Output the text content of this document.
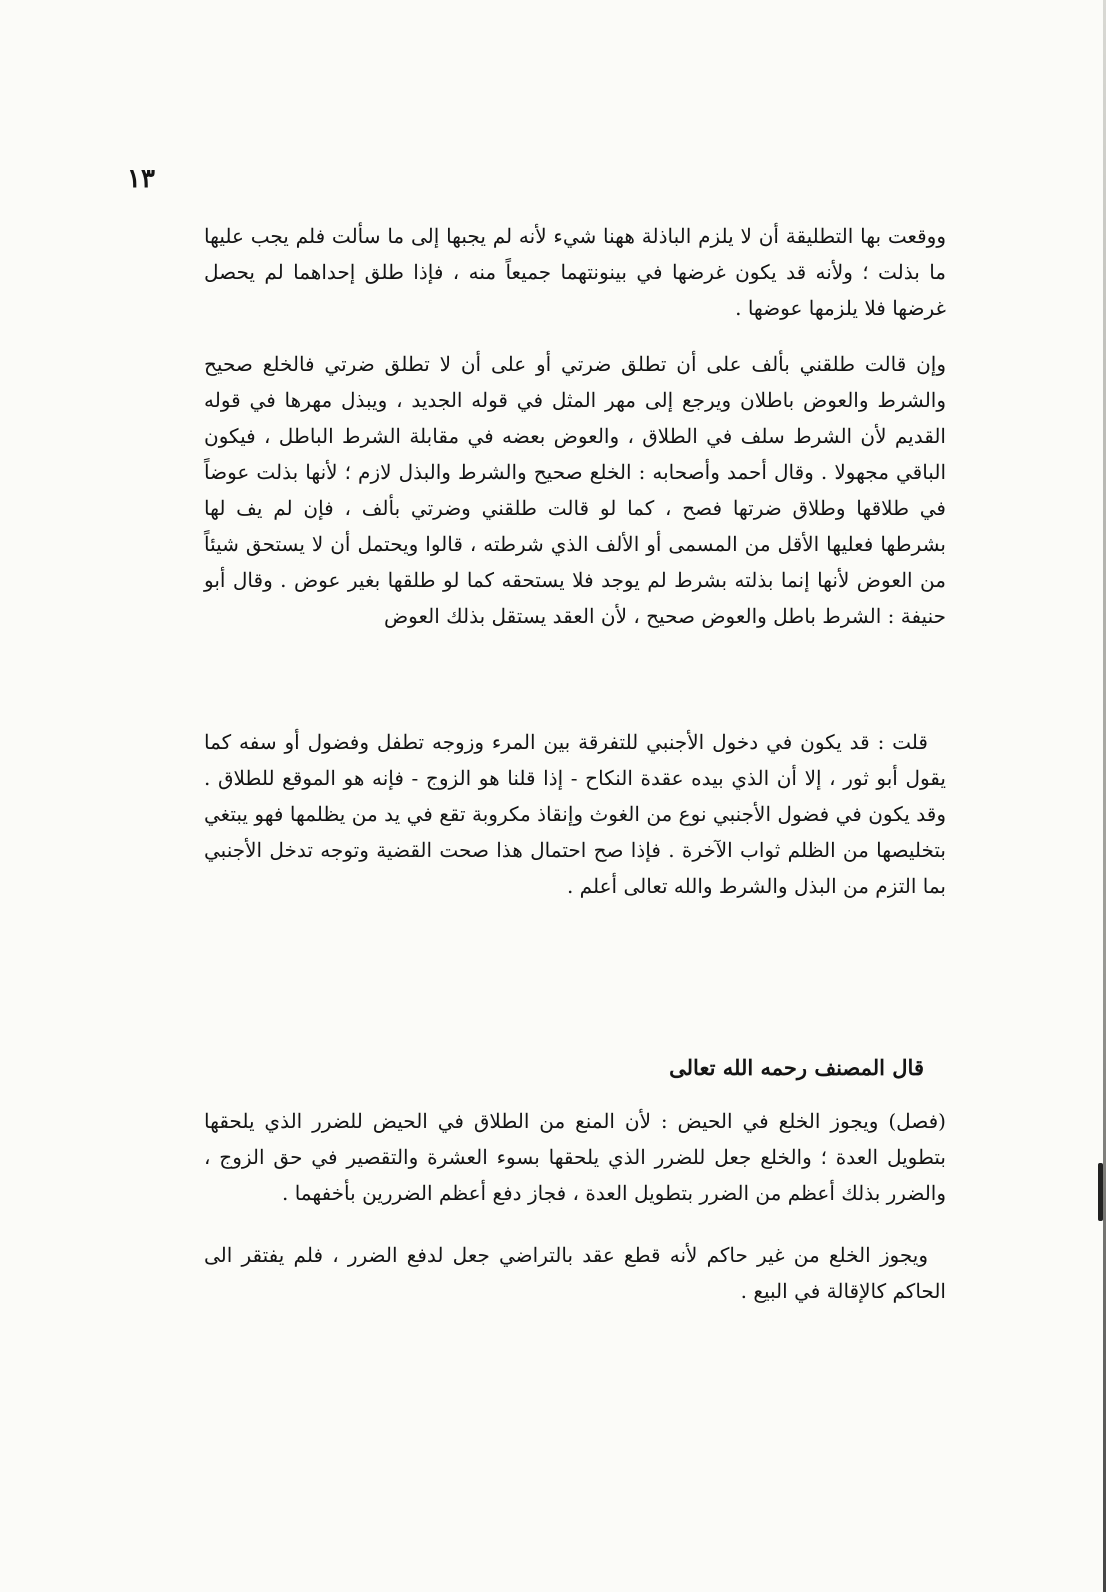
١٣

ووقعت بها التطليقة أن لا يلزم الباذلة ههنا شيء لأنه لم يجبها إلى ما سألت فلم يجب عليها ما بذلت ؛ ولأنه قد يكون غرضها في بينونتهما جميعاً منه ، فإذا طلق إحداهما لم يحصل غرضها فلا يلزمها عوضها .

وإن قالت طلقني بألف على أن تطلق ضرتي أو على أن لا تطلق ضرتي فالخلع صحيح والشرط والعوض باطلان ويرجع إلى مهر المثل في قوله الجديد ، ويبذل مهرها في قوله القديم لأن الشرط سلف في الطلاق ، والعوض بعضه في مقابلة الشرط الباطل ، فيكون الباقي مجهولا . وقال أحمد وأصحابه : الخلع صحيح والشرط والبذل لازم ؛ لأنها بذلت عوضاً في طلاقها وطلاق ضرتها فصح ، كما لو قالت طلقني وضرتي بألف ، فإن لم يف لها بشرطها فعليها الأقل من المسمى أو الألف الذي شرطته ، قالوا ويحتمل أن لا يستحق شيئاً من العوض لأنها إنما بذلته بشرط لم يوجد فلا يستحقه كما لو طلقها بغير عوض . وقال أبو حنيفة : الشرط باطل والعوض صحيح ، لأن العقد يستقل بذلك العوض

قلت : قد يكون في دخول الأجنبي للتفرقة بين المرء وزوجه تطفل وفضول أو سفه كما يقول أبو ثور ، إلا أن الذي بيده عقدة النكاح - إذا قلنا هو الزوج - فإنه هو الموقع للطلاق . وقد يكون في فضول الأجنبي نوع من الغوث وإنقاذ مكروبة تقع في يد من يظلمها فهو يبتغي بتخليصها من الظلم ثواب الآخرة . فإذا صح احتمال هذا صحت القضية وتوجه تدخل الأجنبي بما التزم من البذل والشرط والله تعالى أعلم .

قال المصنف رحمه الله تعالى

(فصل) ويجوز الخلع في الحيض : لأن المنع من الطلاق في الحيض للضرر الذي يلحقها بتطويل العدة ؛ والخلع جعل للضرر الذي يلحقها بسوء العشرة والتقصير في حق الزوج ، والضرر بذلك أعظم من الضرر بتطويل العدة ، فجاز دفع أعظم الضررين بأخفهما .

ويجوز الخلع من غير حاكم لأنه قطع عقد بالتراضي جعل لدفع الضرر ، فلم يفتقر الى الحاكم كالإقالة في البيع .
